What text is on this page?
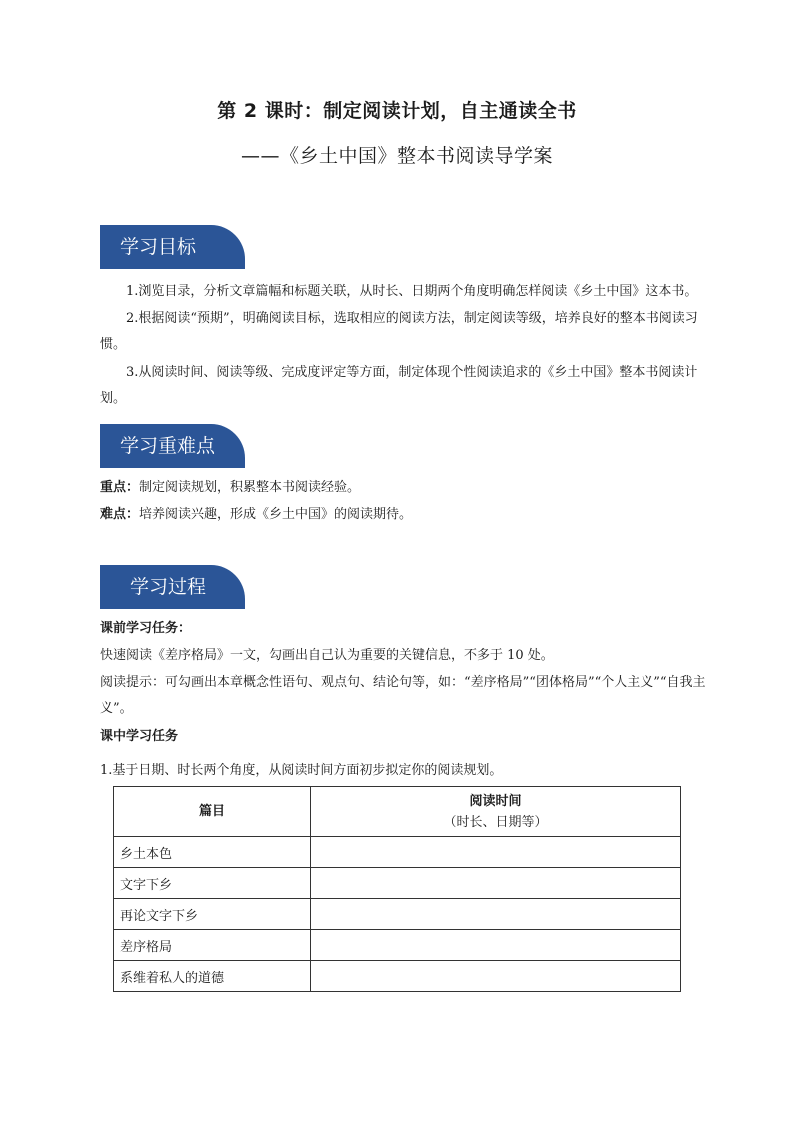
第 2 课时：制定阅读计划，自主通读全书
——《乡土中国》整本书阅读导学案
学习目标
1.浏览目录，分析文章篇幅和标题关联，从时长、日期两个角度明确怎样阅读《乡土中国》这本书。
2.根据阅读“预期”，明确阅读目标，选取相应的阅读方法，制定阅读等级，培养良好的整本书阅读习惯。
3.从阅读时间、阅读等级、完成度评定等方面，制定体现个性阅读追求的《乡土中国》整本书阅读计划。
学习重难点
重点：制定阅读规划，积累整本书阅读经验。
难点：培养阅读兴趣，形成《乡土中国》的阅读期待。
学习过程
课前学习任务：
快速阅读《差序格局》一文，勾画出自己认为重要的关键信息，不多于 10 处。
阅读提示：可勾画出本章概念性语句、观点句、结论句等，如：“差序格局”“团体格局”“个人主义”“自我主义”。
课中学习任务
1.基于日期、时长两个角度，从阅读时间方面初步拟定你的阅读规划。
篇目	阅读时间
（时长、日期等）

乡土本色	
文字下乡	
再论文字下乡	
差序格局	
系维着私人的道德	
